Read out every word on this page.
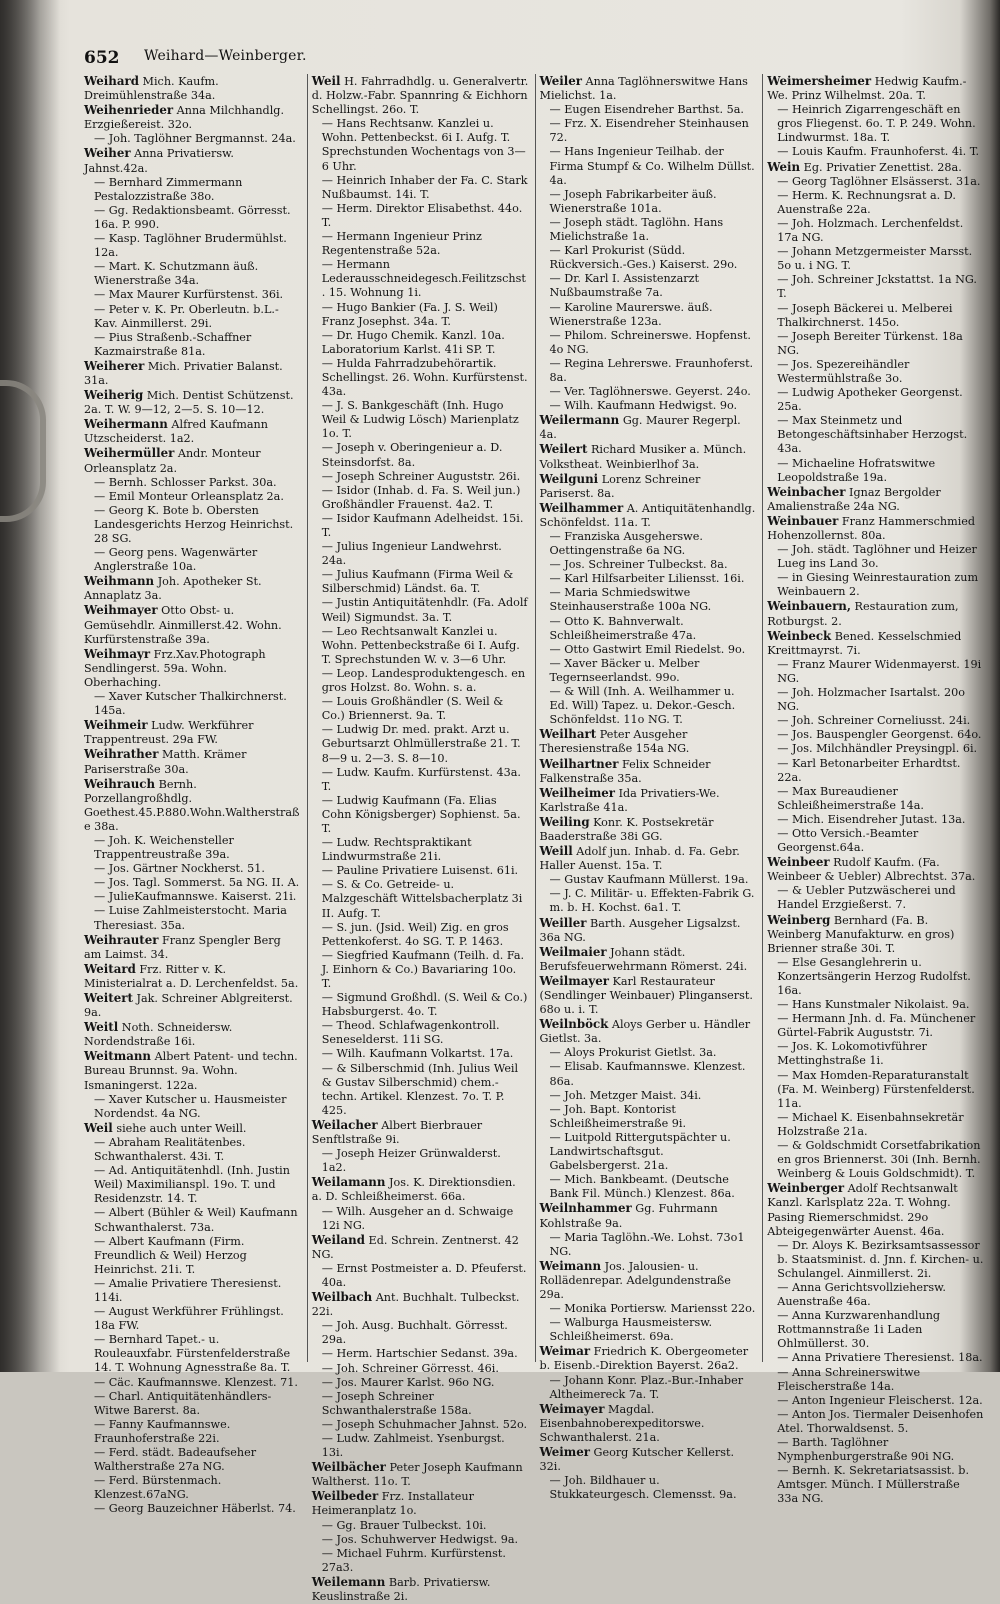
652 Weihard—Weinberger.

Weihard Mich. Kaufm. Dreimühlenstraße 34a.

Weihenrieder Anna Milchhandlg. Erzgießereist. 32o.

— Joh. Taglöhner Bergmannst. 24a.

Weiher Anna Privatiersw. Jahnst.42a.

— Bernhard Zimmermann Pestalozzistraße 38o.

— Gg. Redaktionsbeamt. Görresst. 16a. P. 990.

— Kasp. Taglöhner Brudermühlst. 12a.

— Mart. K. Schutzmann äuß. Wienerstraße 34a.

— Max Maurer Kurfürstenst. 36i.

— Peter v. K. Pr. Oberleutn. b.L.-Kav. Ainmillerst. 29i.

— Pius Straßenb.-Schaffner Kazmairstraße 81a.

Weiherer Mich. Privatier Balanst. 31a.

Weiherig Mich. Dentist Schützenst. 2a. T. W. 9—12, 2—5. S. 10—12.

Weihermann Alfred Kaufmann Utzscheiderst. 1a2.

Weihermüller Andr. Monteur Orleansplatz 2a.

— Bernh. Schlosser Parkst. 30a.

— Emil Monteur Orleansplatz 2a.

— Georg K. Bote b. Obersten Landesgerichts Herzog Heinrichst. 28 SG.

— Georg pens. Wagenwärter Anglerstraße 10a.

Weihmann Joh. Apotheker St. Annaplatz 3a.

Weihmayer Otto Obst- u. Gemüsehdlr. Ainmillerst.42. Wohn. Kurfürstenstraße 39a.

Weihmayr Frz.Xav.Photograph Sendlingerst. 59a. Wohn. Oberhaching.

— Xaver Kutscher Thalkirchnerst. 145a.

Weihmeir Ludw. Werkführer Trappentreust. 29a FW.

Weihrather Matth. Krämer Pariserstraße 30a.

Weihrauch Bernh. Porzellangroßhdlg. Goethest.45.P.880.Wohn.Waltherstraße 38a.

— Joh. K. Weichensteller Trappentreustraße 39a.

— Jos. Gärtner Nockherst. 51.

— Jos. Tagl. Sommerst. 5a NG. II. A.

— JulieKaufmannswe. Kaiserst. 21i.

— Luise Zahlmeisterstocht. Maria Theresiast. 35a.

Weihrauter Franz Spengler Berg am Laimst. 34.

Weitard Frz. Ritter v. K. Ministerialrat a. D. Lerchenfeldst. 5a.

Weitert Jak. Schreiner Ablgreiterst. 9a.

Weitl Noth. Schneidersw. Nordendstraße 16i.

Weitmann Albert Patent- und techn. Bureau Brunnst. 9a. Wohn. Ismaningerst. 122a.

— Xaver Kutscher u. Hausmeister Nordendst. 4a NG.

Weil siehe auch unter Weill.

— Abraham Realitätenbes. Schwanthalerst. 43i. T.

— Ad. Antiquitätenhdl. (Inh. Justin Weil) Maximilianspl. 19o. T. und Residenzstr. 14. T.

— Albert (Bühler & Weil) Kaufmann Schwanthalerst. 73a.

— Albert Kaufmann (Firm. Freundlich & Weil) Herzog Heinrichst. 21i. T.

— Amalie Privatiere Theresienst. 114i.

— August Werkführer Frühlingst. 18a FW.

— Bernhard Tapet.- u. Rouleauxfabr. Fürstenfelderstraße 14. T. Wohnung Agnesstraße 8a. T.

— Cäc. Kaufmannswe. Klenzest. 71.

— Charl. Antiquitätenhändlers-Witwe Barerst. 8a.

— Fanny Kaufmannswe. Fraunhoferstraße 22i.

— Ferd. städt. Badeaufseher Waltherstraße 27a NG.

— Ferd. Bürstenmach. Klenzest.67aNG.

— Georg Bauzeichner Häberlst. 74.

Weil H. Fahrradhdlg. u. Generalvertr. d. Holzw.-Fabr. Spannring & Eichhorn Schellingst. 26o. T.

— Hans Rechtsanw. Kanzlei u. Wohn. Pettenbeckst. 6i I. Aufg. T. Sprechstunden Wochentags von 3—6 Uhr.

— Heinrich Inhaber der Fa. C. Stark Nußbaumst. 14i. T.

— Herm. Direktor Elisabethst. 44o. T.

— Hermann Ingenieur Prinz Regentenstraße 52a.

— Hermann Lederausschneidegesch.Feilitzschst. 15. Wohnung 1i.

— Hugo Bankier (Fa. J. S. Weil) Franz Josephst. 34a. T.

— Dr. Hugo Chemik. Kanzl. 10a. Laboratorium Karlst. 41i SP. T.

— Hulda Fahrradzubehörartik. Schellingst. 26. Wohn. Kurfürstenst. 43a.

— J. S. Bankgeschäft (Inh. Hugo Weil & Ludwig Lösch) Marienplatz 1o. T.

— Joseph v. Oberingenieur a. D. Steinsdorfst. 8a.

— Joseph Schreiner Auguststr. 26i.

— Isidor (Inhab. d. Fa. S. Weil jun.) Großhändler Frauenst. 4a2. T.

— Isidor Kaufmann Adelheidst. 15i. T.

— Julius Ingenieur Landwehrst. 24a.

— Julius Kaufmann (Firma Weil & Silberschmid) Ländst. 6a. T.

— Justin Antiquitätenhdlr. (Fa. Adolf Weil) Sigmundst. 3a. T.

— Leo Rechtsanwalt Kanzlei u. Wohn. Pettenbeckstraße 6i I. Aufg. T. Sprechstunden W. v. 3—6 Uhr.

— Leop. Landesproduktengesch. en gros Holzst. 8o. Wohn. s. a.

— Louis Großhändler (S. Weil & Co.) Briennerst. 9a. T.

— Ludwig Dr. med. prakt. Arzt u. Geburtsarzt Ohlmüllerstraße 21. T. 8—9 u. 2—3. S. 8—10.

— Ludw. Kaufm. Kurfürstenst. 43a. T.

— Ludwig Kaufmann (Fa. Elias Cohn Königsberger) Sophienst. 5a. T.

— Ludw. Rechtspraktikant Lindwurmstraße 21i.

— Pauline Privatiere Luisenst. 61i.

— S. & Co. Getreide- u. Malzgeschäft Wittelsbacherplatz 3i II. Aufg. T.

— S. jun. (Jsid. Weil) Zig. en gros Pettenkoferst. 4o SG. T. P. 1463.

— Siegfried Kaufmann (Teilh. d. Fa. J. Einhorn & Co.) Bavariaring 10o. T.

— Sigmund Großhdl. (S. Weil & Co.) Habsburgerst. 4o. T.

— Theod. Schlafwagenkontroll. Seneselderst. 11i SG.

— Wilh. Kaufmann Volkartst. 17a.

— & Silberschmid (Inh. Julius Weil & Gustav Silberschmid) chem.-techn. Artikel. Klenzest. 7o. T. P. 425.

Weilacher Albert Bierbrauer Senftlstraße 9i.

— Joseph Heizer Grünwalderst. 1a2.

Weilamann Jos. K. Direktionsdien. a. D. Schleißheimerst. 66a.

— Wilh. Ausgeher an d. Schwaige 12i NG.

Weiland Ed. Schrein. Zentnerst. 42 NG.

— Ernst Postmeister a. D. Pfeuferst. 40a.

Weilbach Ant. Buchhalt. Tulbeckst. 22i.

— Joh. Ausg. Buchhalt. Görresst. 29a.

— Herm. Hartschier Sedanst. 39a.

— Joh. Schreiner Görresst. 46i.

— Jos. Maurer Karlst. 96o NG.

— Joseph Schreiner Schwanthalerstraße 158a.

— Joseph Schuhmacher Jahnst. 52o.

— Ludw. Zahlmeist. Ysenburgst. 13i.

Weilbächer Peter Joseph Kaufmann Waltherst. 11o. T.

Weilbeder Frz. Installateur Heimeranplatz 1o.

— Gg. Brauer Tulbeckst. 10i.

— Jos. Schuhwerver Hedwigst. 9a.

— Michael Fuhrm. Kurfürstenst. 27a3.

Weilemann Barb. Privatiersw. Keuslinstraße 2i.

Weiler Anna Taglöhnerswitwe Hans Mielichst. 1a.

— Eugen Eisendreher Barthst. 5a.

— Frz. X. Eisendreher Steinhausen 72.

— Hans Ingenieur Teilhab. der Firma Stumpf & Co. Wilhelm Düllst. 4a.

— Joseph Fabrikarbeiter äuß. Wienerstraße 101a.

— Joseph städt. Taglöhn. Hans Mielichstraße 1a.

— Karl Prokurist (Südd. Rückversich.-Ges.) Kaiserst. 29o.

— Dr. Karl I. Assistenzarzt Nußbaumstraße 7a.

— Karoline Maurerswe. äuß. Wienerstraße 123a.

— Philom. Schreinerswe. Hopfenst. 4o NG.

— Regina Lehrerswe. Fraunhoferst. 8a.

— Ver. Taglöhnerswe. Geyerst. 24o.

— Wilh. Kaufmann Hedwigst. 9o.

Weilermann Gg. Maurer Regerpl. 4a.

Weilert Richard Musiker a. Münch. Volkstheat. Weinbierlhof 3a.

Weilguni Lorenz Schreiner Pariserst. 8a.

Weilhammer A. Antiquitätenhandlg. Schönfeldst. 11a. T.

— Franziska Ausgeherswe. Oettingenstraße 6a NG.

— Jos. Schreiner Tulbeckst. 8a.

— Karl Hilfsarbeiter Liliensst. 16i.

— Maria Schmiedswitwe Steinhauserstraße 100a NG.

— Otto K. Bahnverwalt. Schleißheimerstraße 47a.

— Otto Gastwirt Emil Riedelst. 9o.

— Xaver Bäcker u. Melber Tegernseerlandst. 99o.

— & Will (Inh. A. Weilhammer u. Ed. Will) Tapez. u. Dekor.-Gesch. Schönfeldst. 11o NG. T.

Weilhart Peter Ausgeher Theresienstraße 154a NG.

Weilhartner Felix Schneider Falkenstraße 35a.

Weilheimer Ida Privatiers-We. Karlstraße 41a.

Weiling Konr. K. Postsekretär Baaderstraße 38i GG.

Weill Adolf jun. Inhab. d. Fa. Gebr. Haller Auenst. 15a. T.

— Gustav Kaufmann Müllerst. 19a.

— J. C. Militär- u. Effekten-Fabrik G. m. b. H. Kochst. 6a1. T.

Weiller Barth. Ausgeher Ligsalzst. 36a NG.

Weilmaier Johann städt. Berufsfeuerwehrmann Römerst. 24i.

Weilmayer Karl Restaurateur (Sendlinger Weinbauer) Plinganserst. 68o u. i. T.

Weilnböck Aloys Gerber u. Händler Gietlst. 3a.

— Aloys Prokurist Gietlst. 3a.

— Elisab. Kaufmannswe. Klenzest. 86a.

— Joh. Metzger Maist. 34i.

— Joh. Bapt. Kontorist Schleißheimerstraße 9i.

— Luitpold Rittergutspächter u. Landwirtschaftsgut. Gabelsbergerst. 21a.

— Mich. Bankbeamt. (Deutsche Bank Fil. Münch.) Klenzest. 86a.

Weilnhammer Gg. Fuhrmann Kohlstraße 9a.

— Maria Taglöhn.-We. Lohst. 73o1 NG.

Weimann Jos. Jalousien- u. Rollädenrepar. Adelgundenstraße 29a.

— Monika Portiersw. Mariensst 22o.

— Walburga Hausmeistersw. Schleißheimerst. 69a.

Weimar Friedrich K. Obergeometer b. Eisenb.-Direktion Bayerst. 26a2.

— Johann Konr. Plaz.-Bur.-Inhaber Altheimereck 7a. T.

Weimayer Magdal. Eisenbahnoberexpeditorswe. Schwanthalerst. 21a.

Weimer Georg Kutscher Kellerst. 32i.

— Joh. Bildhauer u. Stukkateurgesch. Clemensst. 9a.

Weimersheimer Hedwig Kaufm.-We. Prinz Wilhelmst. 20a. T.

— Heinrich Zigarrengeschäft en gros Fliegenst. 6o. T. P. 249. Wohn. Lindwurmst. 18a. T.

— Louis Kaufm. Fraunhoferst. 4i. T.

Wein Eg. Privatier Zenettist. 28a.

— Georg Taglöhner Elsässerst. 31a.

— Herm. K. Rechnungsrat a. D. Auenstraße 22a.

— Joh. Holzmach. Lerchenfeldst. 17a NG.

— Johann Metzgermeister Marsst. 5o u. i NG. T.

— Joh. Schreiner Jckstattst. 1a NG. T.

— Joseph Bäckerei u. Melberei Thalkirchnerst. 145o.

— Joseph Bereiter Türkenst. 18a NG.

— Jos. Spezereihändler Westermühlstraße 3o.

— Ludwig Apotheker Georgenst. 25a.

— Max Steinmetz und Betongeschäftsinhaber Herzogst. 43a.

— Michaeline Hofratswitwe Leopoldstraße 19a.

Weinbacher Ignaz Bergolder Amalienstraße 24a NG.

Weinbauer Franz Hammerschmied Hohenzollernst. 80a.

— Joh. städt. Taglöhner und Heizer Lueg ins Land 3o.

— in Giesing Weinrestauration zum Weinbauern 2.

Weinbauern, Restauration zum, Rotburgst. 2.

Weinbeck Bened. Kesselschmied Kreittmayrst. 7i.

— Franz Maurer Widenmayerst. 19i NG.

— Joh. Holzmacher Isartalst. 20o NG.

— Joh. Schreiner Corneliusst. 24i.

— Jos. Bauspengler Georgenst. 64o.

— Jos. Milchhändler Preysingpl. 6i.

— Karl Betonarbeiter Erhardtst. 22a.

— Max Bureaudiener Schleißheimerstraße 14a.

— Mich. Eisendreher Jutast. 13a.

— Otto Versich.-Beamter Georgenst.64a.

Weinbeer Rudolf Kaufm. (Fa. Weinbeer & Uebler) Albrechtst. 37a.

— & Uebler Putzwäscherei und Handel Erzgießerst. 7.

Weinberg Bernhard (Fa. B. Weinberg Manufakturw. en gros) Brienner straße 30i. T.

— Else Gesanglehrerin u. Konzertsängerin Herzog Rudolfst. 16a.

— Hans Kunstmaler Nikolaist. 9a.

— Hermann Jnh. d. Fa. Münchener Gürtel-Fabrik Auguststr. 7i.

— Jos. K. Lokomotivführer Mettinghstraße 1i.

— Max Homden-Reparaturanstalt (Fa. M. Weinberg) Fürstenfelderst. 11a.

— Michael K. Eisenbahnsekretär Holzstraße 21a.

— & Goldschmidt Corsetfabrikation en gros Briennerst. 30i (Inh. Bernh. Weinberg & Louis Goldschmidt). T.

Weinberger Adolf Rechtsanwalt Kanzl. Karlsplatz 22a. T. Wohng. Pasing Riemerschmidst. 29o Abteigegenwärter Auenst. 46a.

— Dr. Aloys K. Bezirksamtsassessor b. Staatsminist. d. Jnn. f. Kirchen- u. Schulangel. Ainmillerst. 2i.

— Anna Gerichtsvollziehersw. Auenstraße 46a.

— Anna Kurzwarenhandlung Rottmannstraße 1i Laden Ohlmüllerst. 30.

— Anna Privatiere Theresienst. 18a.

— Anna Schreinerswitwe Fleischerstraße 14a.

— Anton Ingenieur Fleischerst. 12a.

— Anton Jos. Tiermaler Deisenhofen Atel. Thorwaldsenst. 5.

— Barth. Taglöhner Nymphenburgerstraße 90i NG.

— Bernh. K. Sekretariatsassist. b. Amtsger. Münch. I Müllerstraße 33a NG.
